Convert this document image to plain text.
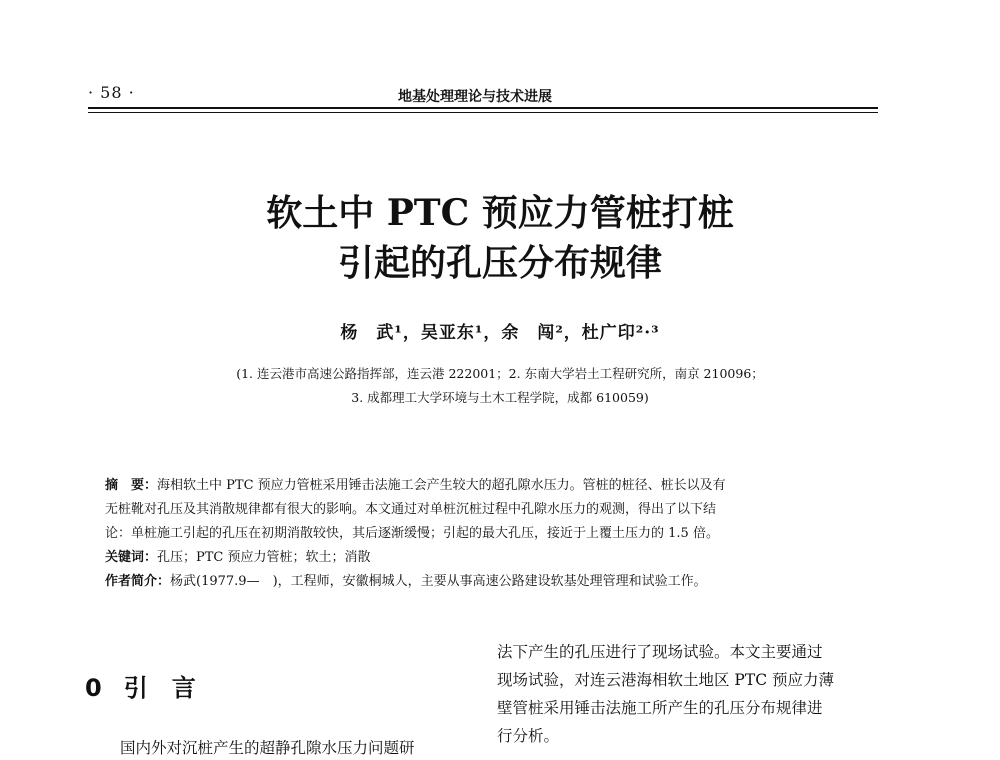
· 58 ·	地基处理理论与技术进展
软土中 PTC 预应力管桩打桩
引起的孔压分布规律
杨　武¹，吴亚东¹，余　闯²，杜广印²·³
(1. 连云港市高速公路指挥部，连云港 222001；2. 东南大学岩土工程研究所，南京 210096；
3. 成都理工大学环境与土木工程学院，成都 610059)

摘　要：海相软土中 PTC 预应力管桩采用锤击法施工会产生较大的超孔隙水压力。管桩的桩径、桩长以及有

无桩靴对孔压及其消散规律都有很大的影响。本文通过对单桩沉桩过程中孔隙水压力的观测，得出了以下结

论：单桩施工引起的孔压在初期消散较快，其后逐渐缓慢；引起的最大孔压，接近于上覆土压力的 1.5 倍。

关键词：孔压；PTC 预应力管桩；软土；消散

作者简介：杨武(1977.9—　)，工程师，安徽桐城人，主要从事高速公路建设软基处理管理和试验工作。

0 引　言
国内外对沉桩产生的超静孔隙水压力问题研

法下产生的孔压进行了现场试验。本文主要通过

现场试验，对连云港海相软土地区 PTC 预应力薄

壁管桩采用锤击法施工所产生的孔压分布规律进

行分析。
